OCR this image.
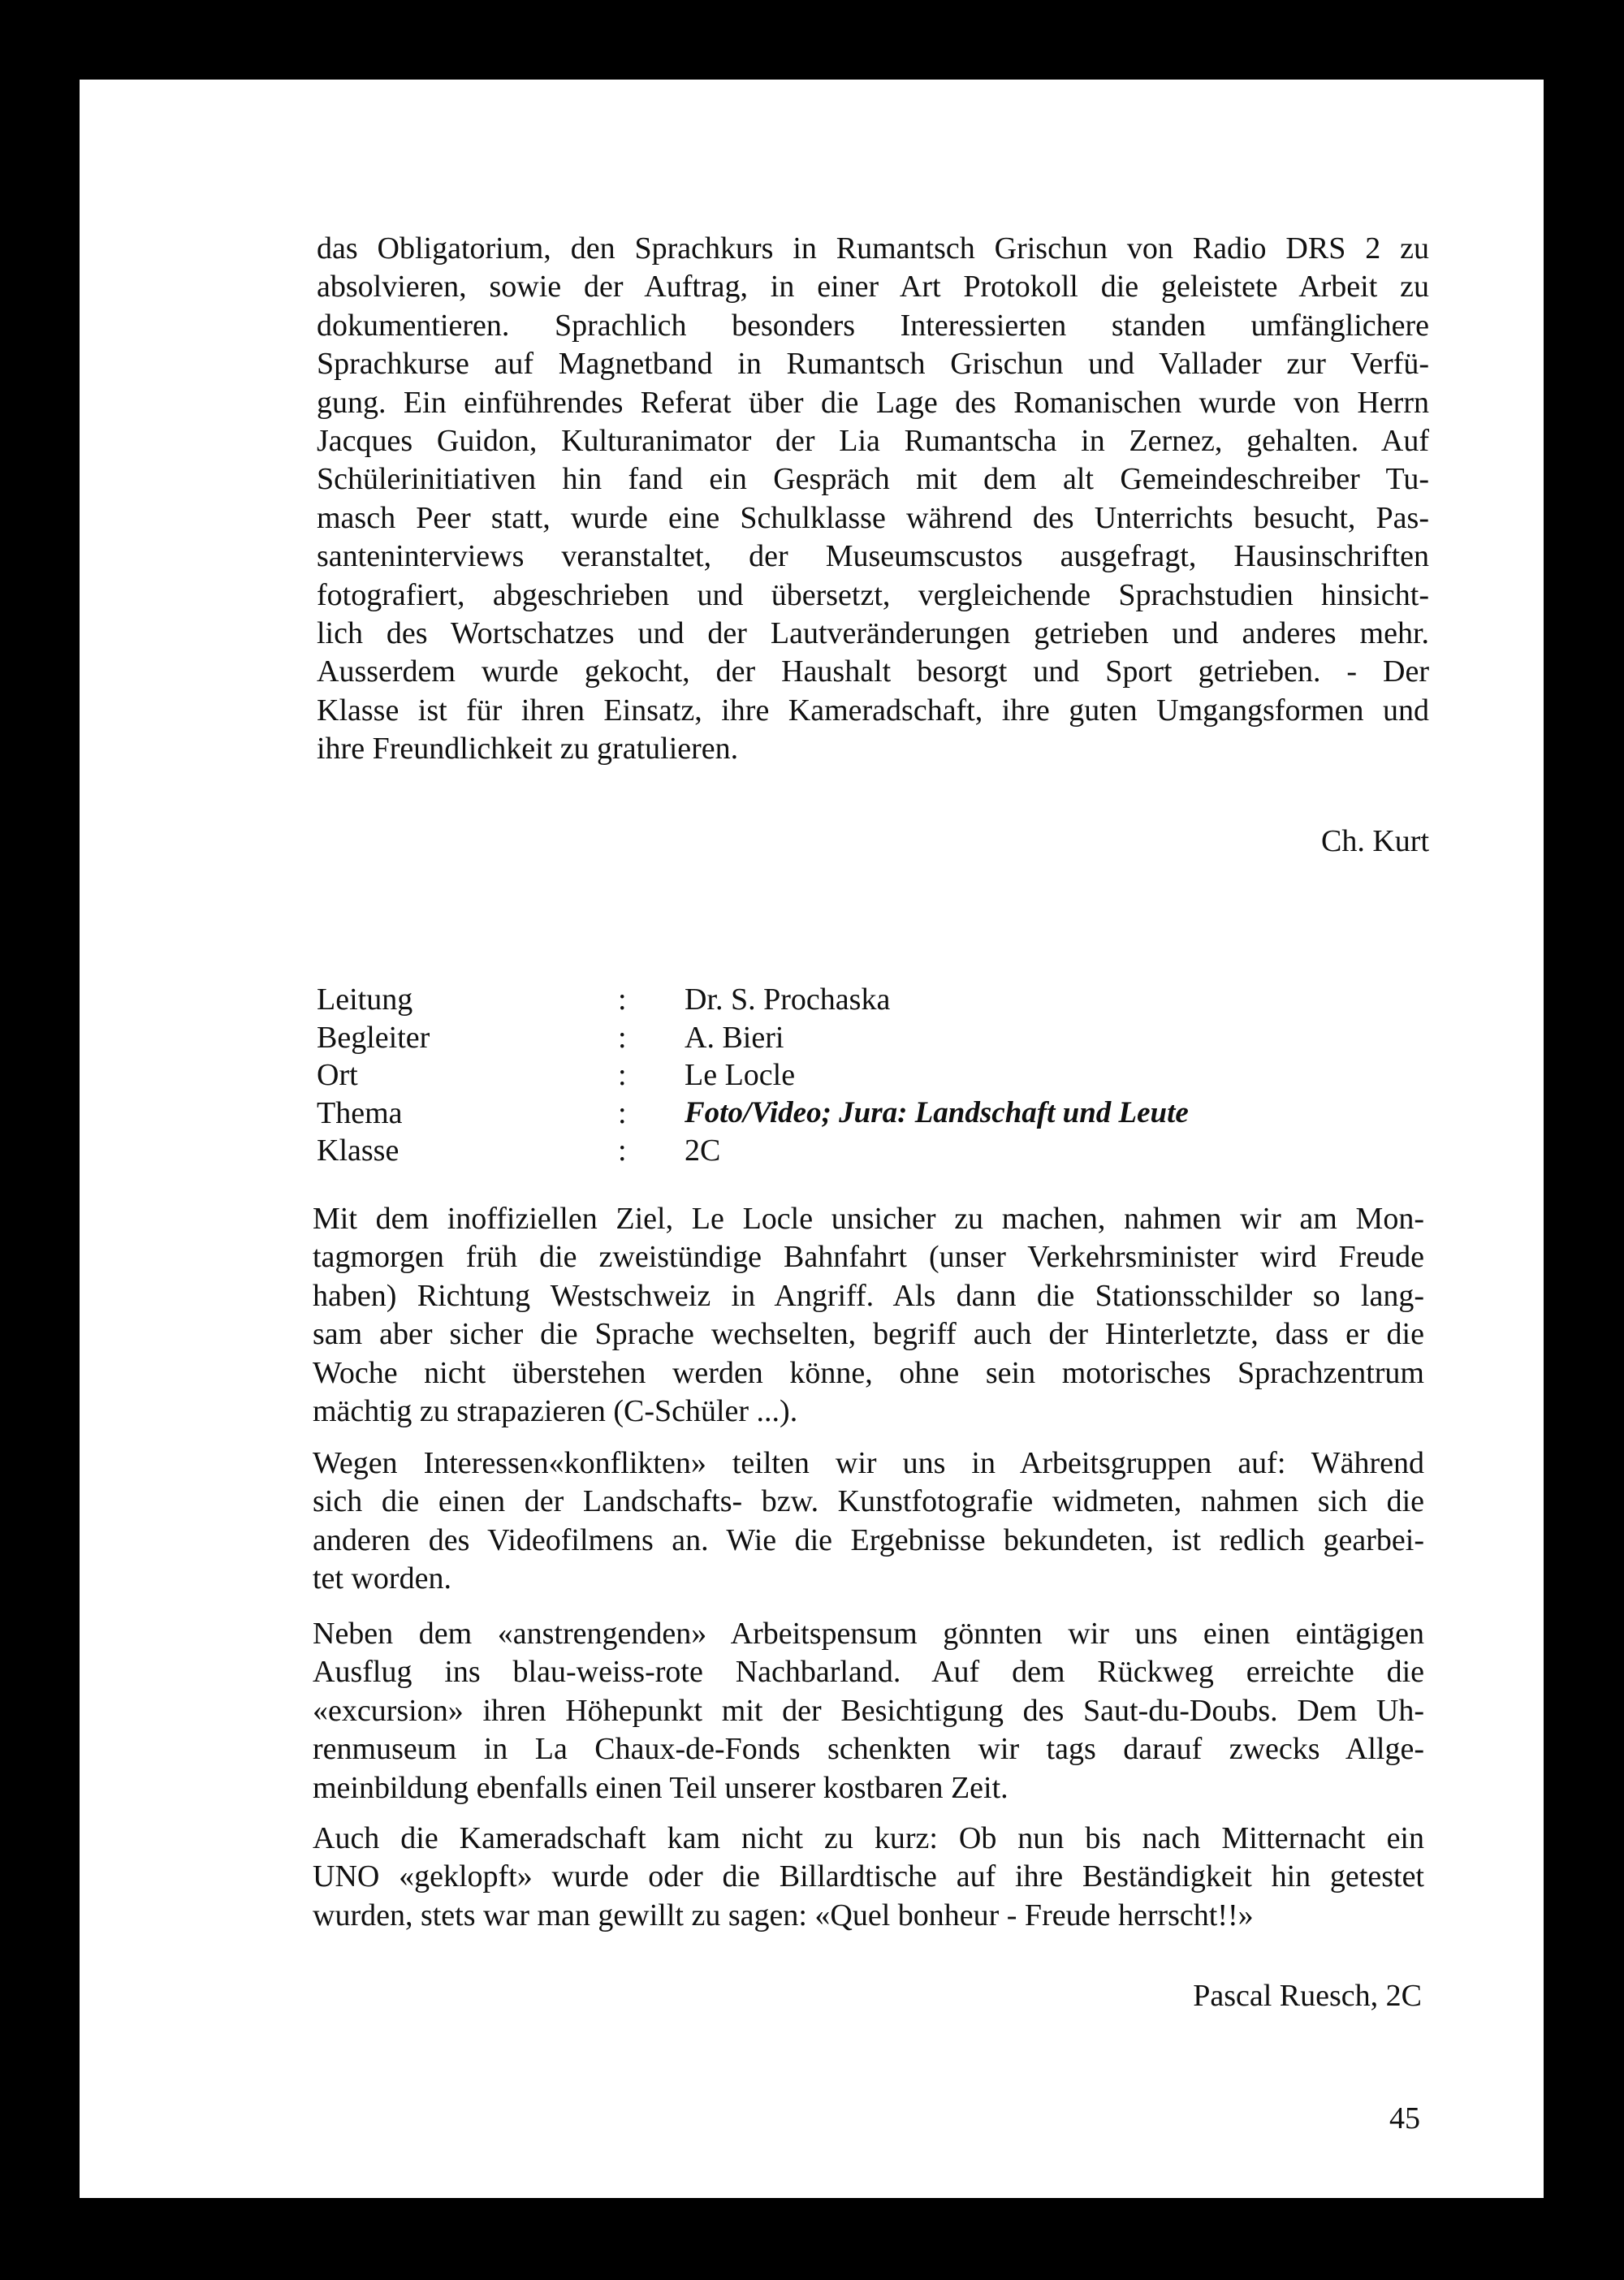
das Obligatorium, den Sprachkurs in Rumantsch Grischun von Radio DRS 2 zu
absolvieren, sowie der Auftrag, in einer Art Protokoll die geleistete Arbeit zu
dokumentieren. Sprachlich besonders Interessierten standen umfänglichere
Sprachkurse auf Magnetband in Rumantsch Grischun und Vallader zur Verfü-
gung. Ein einführendes Referat über die Lage des Romanischen wurde von Herrn
Jacques Guidon, Kulturanimator der Lia Rumantscha in Zernez, gehalten. Auf
Schülerinitiativen hin fand ein Gespräch mit dem alt Gemeindeschreiber Tu-
masch Peer statt, wurde eine Schulklasse während des Unterrichts besucht, Pas-
santeninterviews veranstaltet, der Museumscustos ausgefragt, Hausinschriften
fotografiert, abgeschrieben und übersetzt, vergleichende Sprachstudien hinsicht-
lich des Wortschatzes und der Lautveränderungen getrieben und anderes mehr.
Ausserdem wurde gekocht, der Haushalt besorgt und Sport getrieben. - Der
Klasse ist für ihren Einsatz, ihre Kameradschaft, ihre guten Umgangsformen und
ihre Freundlichkeit zu gratulieren.
Ch. Kurt
Leitung	:	Dr. S. Prochaska
Begleiter	:	A. Bieri
Ort	:	Le Locle
Thema	:	Foto/Video; Jura: Landschaft und Leute
Klasse	:	2C
Mit dem inoffiziellen Ziel, Le Locle unsicher zu machen, nahmen wir am Mon-
tagmorgen früh die zweistündige Bahnfahrt (unser Verkehrsminister wird Freude
haben) Richtung Westschweiz in Angriff. Als dann die Stationsschilder so lang-
sam aber sicher die Sprache wechselten, begriff auch der Hinterletzte, dass er die
Woche nicht überstehen werden könne, ohne sein motorisches Sprachzentrum
mächtig zu strapazieren (C-Schüler ...).
Wegen Interessen«konflikten» teilten wir uns in Arbeitsgruppen auf: Während
sich die einen der Landschafts- bzw. Kunstfotografie widmeten, nahmen sich die
anderen des Videofilmens an. Wie die Ergebnisse bekundeten, ist redlich gearbei-
tet worden.
Neben dem «anstrengenden» Arbeitspensum gönnten wir uns einen eintägigen
Ausflug ins blau-weiss-rote Nachbarland. Auf dem Rückweg erreichte die
«excursion» ihren Höhepunkt mit der Besichtigung des Saut-du-Doubs. Dem Uh-
renmuseum in La Chaux-de-Fonds schenkten wir tags darauf zwecks Allge-
meinbildung ebenfalls einen Teil unserer kostbaren Zeit.
Auch die Kameradschaft kam nicht zu kurz: Ob nun bis nach Mitternacht ein
UNO «geklopft» wurde oder die Billardtische auf ihre Beständigkeit hin getestet
wurden, stets war man gewillt zu sagen: «Quel bonheur - Freude herrscht!!»
Pascal Ruesch, 2C
45
